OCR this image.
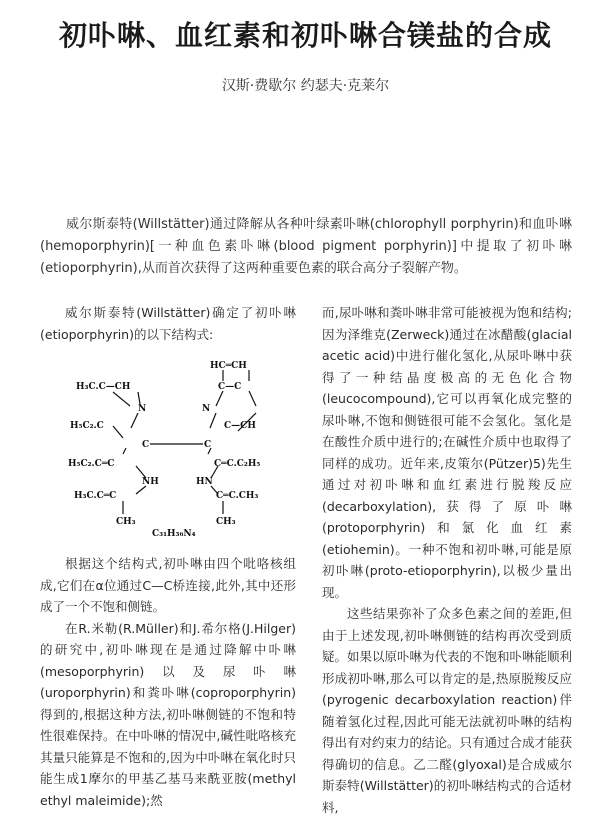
初卟啉、血红素和初卟啉合镁盐的合成
汉斯·费歇尔 约瑟夫·克莱尔

威尔斯泰特(Willstätter)通过降解从各种叶绿素卟啉(chlorophyll porphyrin)和血卟啉(hemoporphyrin)[一种血色素卟啉(blood pigment porphyrin)]中提取了初卟啉(etioporphyrin),从而首次获得了这两种重要色素的联合高分子裂解产物。

威尔斯泰特(Willstätter)确定了初卟啉(etioporphyrin)的以下结构式:

HC═CH
C—C
H₃C.C—CH
N	N
H₅C₂.C	C—CH
C	C
H₅C₂.C═C	C═C.C₂H₅
NH	HN
H₃C.C═C	C═C.CH₃
CH₃	CH₃
C₃₁H₃₆N₄

根据这个结构式,初卟啉由四个吡咯核组成,它们在α位通过C—C桥连接,此外,其中还形成了一个不饱和侧链。

在R.米勒(R.Müller)和J.希尔格(J.Hilger)的研究中,初卟啉现在是通过降解中卟啉(mesoporphyrin)以及尿卟啉(uroporphyrin)和粪卟啉(coproporphyrin)得到的,根据这种方法,初卟啉侧链的不饱和特性很难保持。在中卟啉的情况中,碱性吡咯核充其量只能算是不饱和的,因为中卟啉在氧化时只能生成1摩尔的甲基乙基马来酰亚胺(methyl ethyl maleimide);然

而,尿卟啉和粪卟啉非常可能被视为饱和结构;因为泽维克(Zerweck)通过在冰醋酸(glacial acetic acid)中进行催化氢化,从尿卟啉中获得了一种结晶度极高的无色化合物(leucocompound),它可以再氧化成完整的尿卟啉,不饱和侧链很可能不会氢化。氢化是在酸性介质中进行的;在碱性介质中也取得了同样的成功。近年来,皮策尔(Pützer)5)先生通过对初卟啉和血红素进行脱羧反应(decarboxylation),获得了原卟啉(protoporphyrin)和氯化血红素(etiohemin)。一种不饱和初卟啉,可能是原初卟啉(proto-etioporphyrin),以极少量出现。

这些结果弥补了众多色素之间的差距,但由于上述发现,初卟啉侧链的结构再次受到质疑。如果以原卟啉为代表的不饱和卟啉能顺利形成初卟啉,那么可以肯定的是,热原脱羧反应(pyrogenic decarboxylation reaction)伴随着氢化过程,因此可能无法就初卟啉的结构得出有对约束力的结论。只有通过合成才能获得确切的信息。乙二醛(glyoxal)是合成威尔斯泰特(Willstätter)的初卟啉结构式的合适材料,
